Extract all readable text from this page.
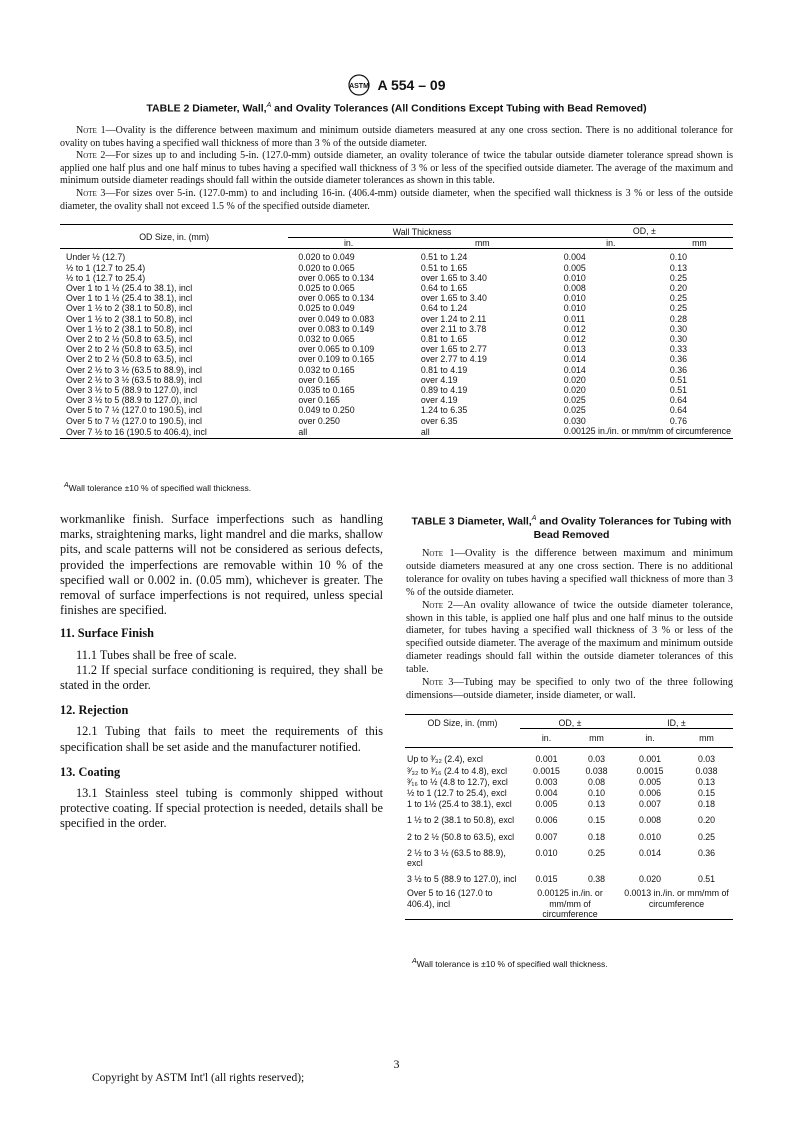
ASTM A 554 – 09
TABLE 2 Diameter, Wall,$^A$ and Ovality Tolerances (All Conditions Except Tubing with Bead Removed)
Note 1—Ovality is the difference between maximum and minimum outside diameters measured at any one cross section. There is no additional tolerance for ovality on tubes having a specified wall thickness of more than 3 % of the outside diameter.
Note 2—For sizes up to and including 5-in. (127.0-mm) outside diameter, an ovality tolerance of twice the tabular outside diameter tolerance spread shown is applied one half plus and one half minus to tubes having a specified wall thickness of 3 % or less of the specified outside diameter. The average of the maximum and minimum outside diameter readings should fall within the outside diameter tolerances as shown in this table.
Note 3—For sizes over 5-in. (127.0-mm) to and including 16-in. (406.4-mm) outside diameter, when the specified wall thickness is 3 % or less of the outside diameter, the ovality shall not exceed 1.5 % of the specified outside diameter.
OD Size, in. (mm)	Wall Thickness		OD, ±	
	in.	mm	in.	mm
Under ½ (12.7)	0.020 to 0.049	0.51 to 1.24	0.004	0.10
½ to 1 (12.7 to 25.4)	0.020 to 0.065	0.51 to 1.65	0.005	0.13
½ to 1 (12.7 to 25.4)	over 0.065 to 0.134	over 1.65 to 3.40	0.010	0.25
Over 1 to 1 ½ (25.4 to 38.1), incl	0.025 to 0.065	0.64 to 1.65	0.008	0.20
Over 1 to 1 ½ (25.4 to 38.1), incl	over 0.065 to 0.134	over 1.65 to 3.40	0.010	0.25
Over 1 ½ to 2 (38.1 to 50.8), incl	0.025 to 0.049	0.64 to 1.24	0.010	0.25
Over 1 ½ to 2 (38.1 to 50.8), incl	over 0.049 to 0.083	over 1.24 to 2.11	0.011	0.28
Over 1 ½ to 2 (38.1 to 50.8), incl	over 0.083 to 0.149	over 2.11 to 3.78	0.012	0.30
Over 2 to 2 ½ (50.8 to 63.5), incl	0.032 to 0.065	0.81 to 1.65	0.012	0.30
Over 2 to 2 ½ (50.8 to 63.5), incl	over 0.065 to 0.109	over 1.65 to 2.77	0.013	0.33
Over 2 to 2 ½ (50.8 to 63.5), incl	over 0.109 to 0.165	over 2.77 to 4.19	0.014	0.36
Over 2 ½ to 3 ½ (63.5 to 88.9), incl	0.032 to 0.165	0.81 to 4.19	0.014	0.36
Over 2 ½ to 3 ½ (63.5 to 88.9), incl	over 0.165	over 4.19	0.020	0.51
Over 3 ½ to 5 (88.9 to 127.0), incl	0.035 to 0.165	0.89 to 4.19	0.020	0.51
Over 3 ½ to 5 (88.9 to 127.0), incl	over 0.165	over 4.19	0.025	0.64
Over 5 to 7 ½ (127.0 to 190.5), incl	0.049 to 0.250	1.24 to 6.35	0.025	0.64
Over 5 to 7 ½ (127.0 to 190.5), incl	over 0.250	over 6.35	0.030	0.76
Over 7 ½ to 16 (190.5 to 406.4), incl	all	all	0.00125 in./in. or mm/mm of circumference	
$^A$Wall tolerance ±10 % of specified wall thickness.
workmanlike finish. Surface imperfections such as handling marks, straightening marks, light mandrel and die marks, shallow pits, and scale patterns will not be considered as serious defects, provided the imperfections are removable within 10 % of the specified wall or 0.002 in. (0.05 mm), whichever is greater. The removal of surface imperfections is not required, unless special finishes are specified.
11. Surface Finish
11.1 Tubes shall be free of scale.
11.2 If special surface conditioning is required, they shall be stated in the order.
12. Rejection
12.1 Tubing that fails to meet the requirements of this specification shall be set aside and the manufacturer notified.
13. Coating
13.1 Stainless steel tubing is commonly shipped without protective coating. If special protection is needed, details shall be specified in the order.
TABLE 3 Diameter, Wall,$^A$ and Ovality Tolerances for Tubing with Bead Removed
Note 1—Ovality is the difference between maximum and minimum outside diameters measured at any one cross section. There is no additional tolerance for ovality on tubes having a specified wall thickness of more than 3 % of the outside diameter.
Note 2—An ovality allowance of twice the outside diameter tolerance, shown in this table, is applied one half plus and one half minus to the outside diameter, for tubes having a specified wall thickness of 3 % or less of the specified outside diameter. The average of the maximum and minimum outside diameter readings should fall within the outside diameter tolerances of this table.
Note 3—Tubing may be specified to only two of the three following dimensions—outside diameter, inside diameter, or wall.
OD Size, in. (mm)	OD, ±		ID, ±	
	in.	mm	in.	mm
Up to ³⁄₃₂ (2.4), excl	0.001	0.03	0.001	0.03
³⁄₃₂ to ³⁄₁₆ (2.4 to 4.8), excl	0.0015	0.038	0.0015	0.038
³⁄₁₆ to ½ (4.8 to 12.7), excl	0.003	0.08	0.005	0.13
½ to 1 (12.7 to 25.4), excl	0.004	0.10	0.006	0.15
1 to 1½ (25.4 to 38.1), excl	0.005	0.13	0.007	0.18
1 ½ to 2 (38.1 to 50.8), excl	0.006	0.15	0.008	0.20
2 to 2 ½ (50.8 to 63.5), excl	0.007	0.18	0.010	0.25
2 ½ to 3 ½ (63.5 to 88.9), excl	0.010	0.25	0.014	0.36
3 ½ to 5 (88.9 to 127.0), incl	0.015	0.38	0.020	0.51
Over 5 to 16 (127.0 to 406.4), incl	0.00125 in./in. or mm/mm of circumference		0.0013 in./in. or mm/mm of circumference	
$^A$Wall tolerance is ±10 % of specified wall thickness.
3
Copyright by ASTM Int'l (all rights reserved);
